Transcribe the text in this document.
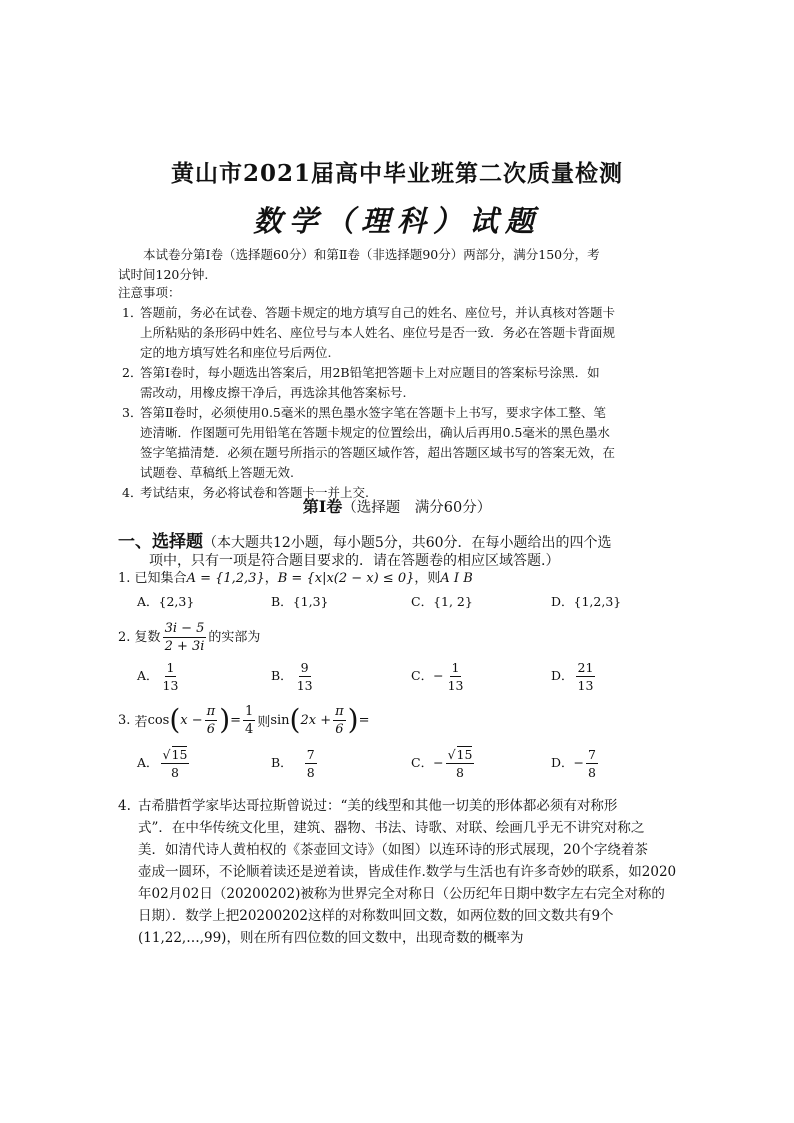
黄山市2021届高中毕业班第二次质量检测
数学（理科）试题
本试卷分第Ⅰ卷（选择题60分）和第Ⅱ卷（非选择题90分）两部分，满分150分，考
试时间120分钟.
注意事项：
1．
答题前，务必在试卷、答题卡规定的地方填写自己的姓名、座位号，并认真核对答题卡
上所粘贴的条形码中姓名、座位号与本人姓名、座位号是否一致．务必在答题卡背面规
定的地方填写姓名和座位号后两位.
2．
答第Ⅰ卷时，每小题选出答案后，用2B铅笔把答题卡上对应题目的答案标号涂黑．如
需改动，用橡皮擦干净后，再选涂其他答案标号.
3．
答第Ⅱ卷时，必须使用0.5毫米的黑色墨水签字笔在答题卡上书写，要求字体工整、笔
迹清晰．作图题可先用铅笔在答题卡规定的位置绘出，确认后再用0.5毫米的黑色墨水
签字笔描清楚．必须在题号所指示的答题区域作答，超出答题区域书写的答案无效，在
试题卷、草稿纸上答题无效.
4．
考试结束，务必将试卷和答题卡一并上交.
第Ⅰ卷（选择题　满分60分）
一、选择题（本大题共12小题，每小题5分，共60分．在每小题给出的四个选
项中，只有一项是符合题目要求的．请在答题卷的相应区域答题.）
1. 已知集合A = {1,2,3}，B = {x|x(2 − x) ≤ 0}，则A I B
A．{2,3}	B．{1,3}	C．{1, 2}	D．{1,2,3}
2. 复数 $\frac{3i - 5}{2 + 3i}$ 的实部为
A． $\frac{1}{13}$	B． $\frac{9}{13}$	C．− $\frac{1}{13}$	D． $\frac{21}{13}$
3.
若 cos ( $x - \frac{\pi}{6}$ ) = $\frac{1}{4}$ 则 sin ( $2x + \frac{\pi}{6}$ ) =
A． $\frac{√15}{8}$	B． $\frac{7}{8}$	C．− $\frac{√15}{8}$	D．− $\frac{7}{8}$
4. 古希腊哲学家毕达哥拉斯曾说过：“美的线型和其他一切美的形体都必须有对称形
式”．在中华传统文化里，建筑、器物、书法、诗歌、对联、绘画几乎无不讲究对称之
美．如清代诗人黄柏权的《茶壶回文诗》（如图）以连环诗的形式展现，20个字绕着茶
壶成一圆环，不论顺着读还是逆着读，皆成佳作.数学与生活也有许多奇妙的联系，如2020
年02月02日（20200202)被称为世界完全对称日（公历纪年日期中数字左右完全对称的
日期）．数学上把20200202这样的对称数叫回文数，如两位数的回文数共有9个
(11,22,…,99)，则在所有四位数的回文数中，出现奇数的概率为
